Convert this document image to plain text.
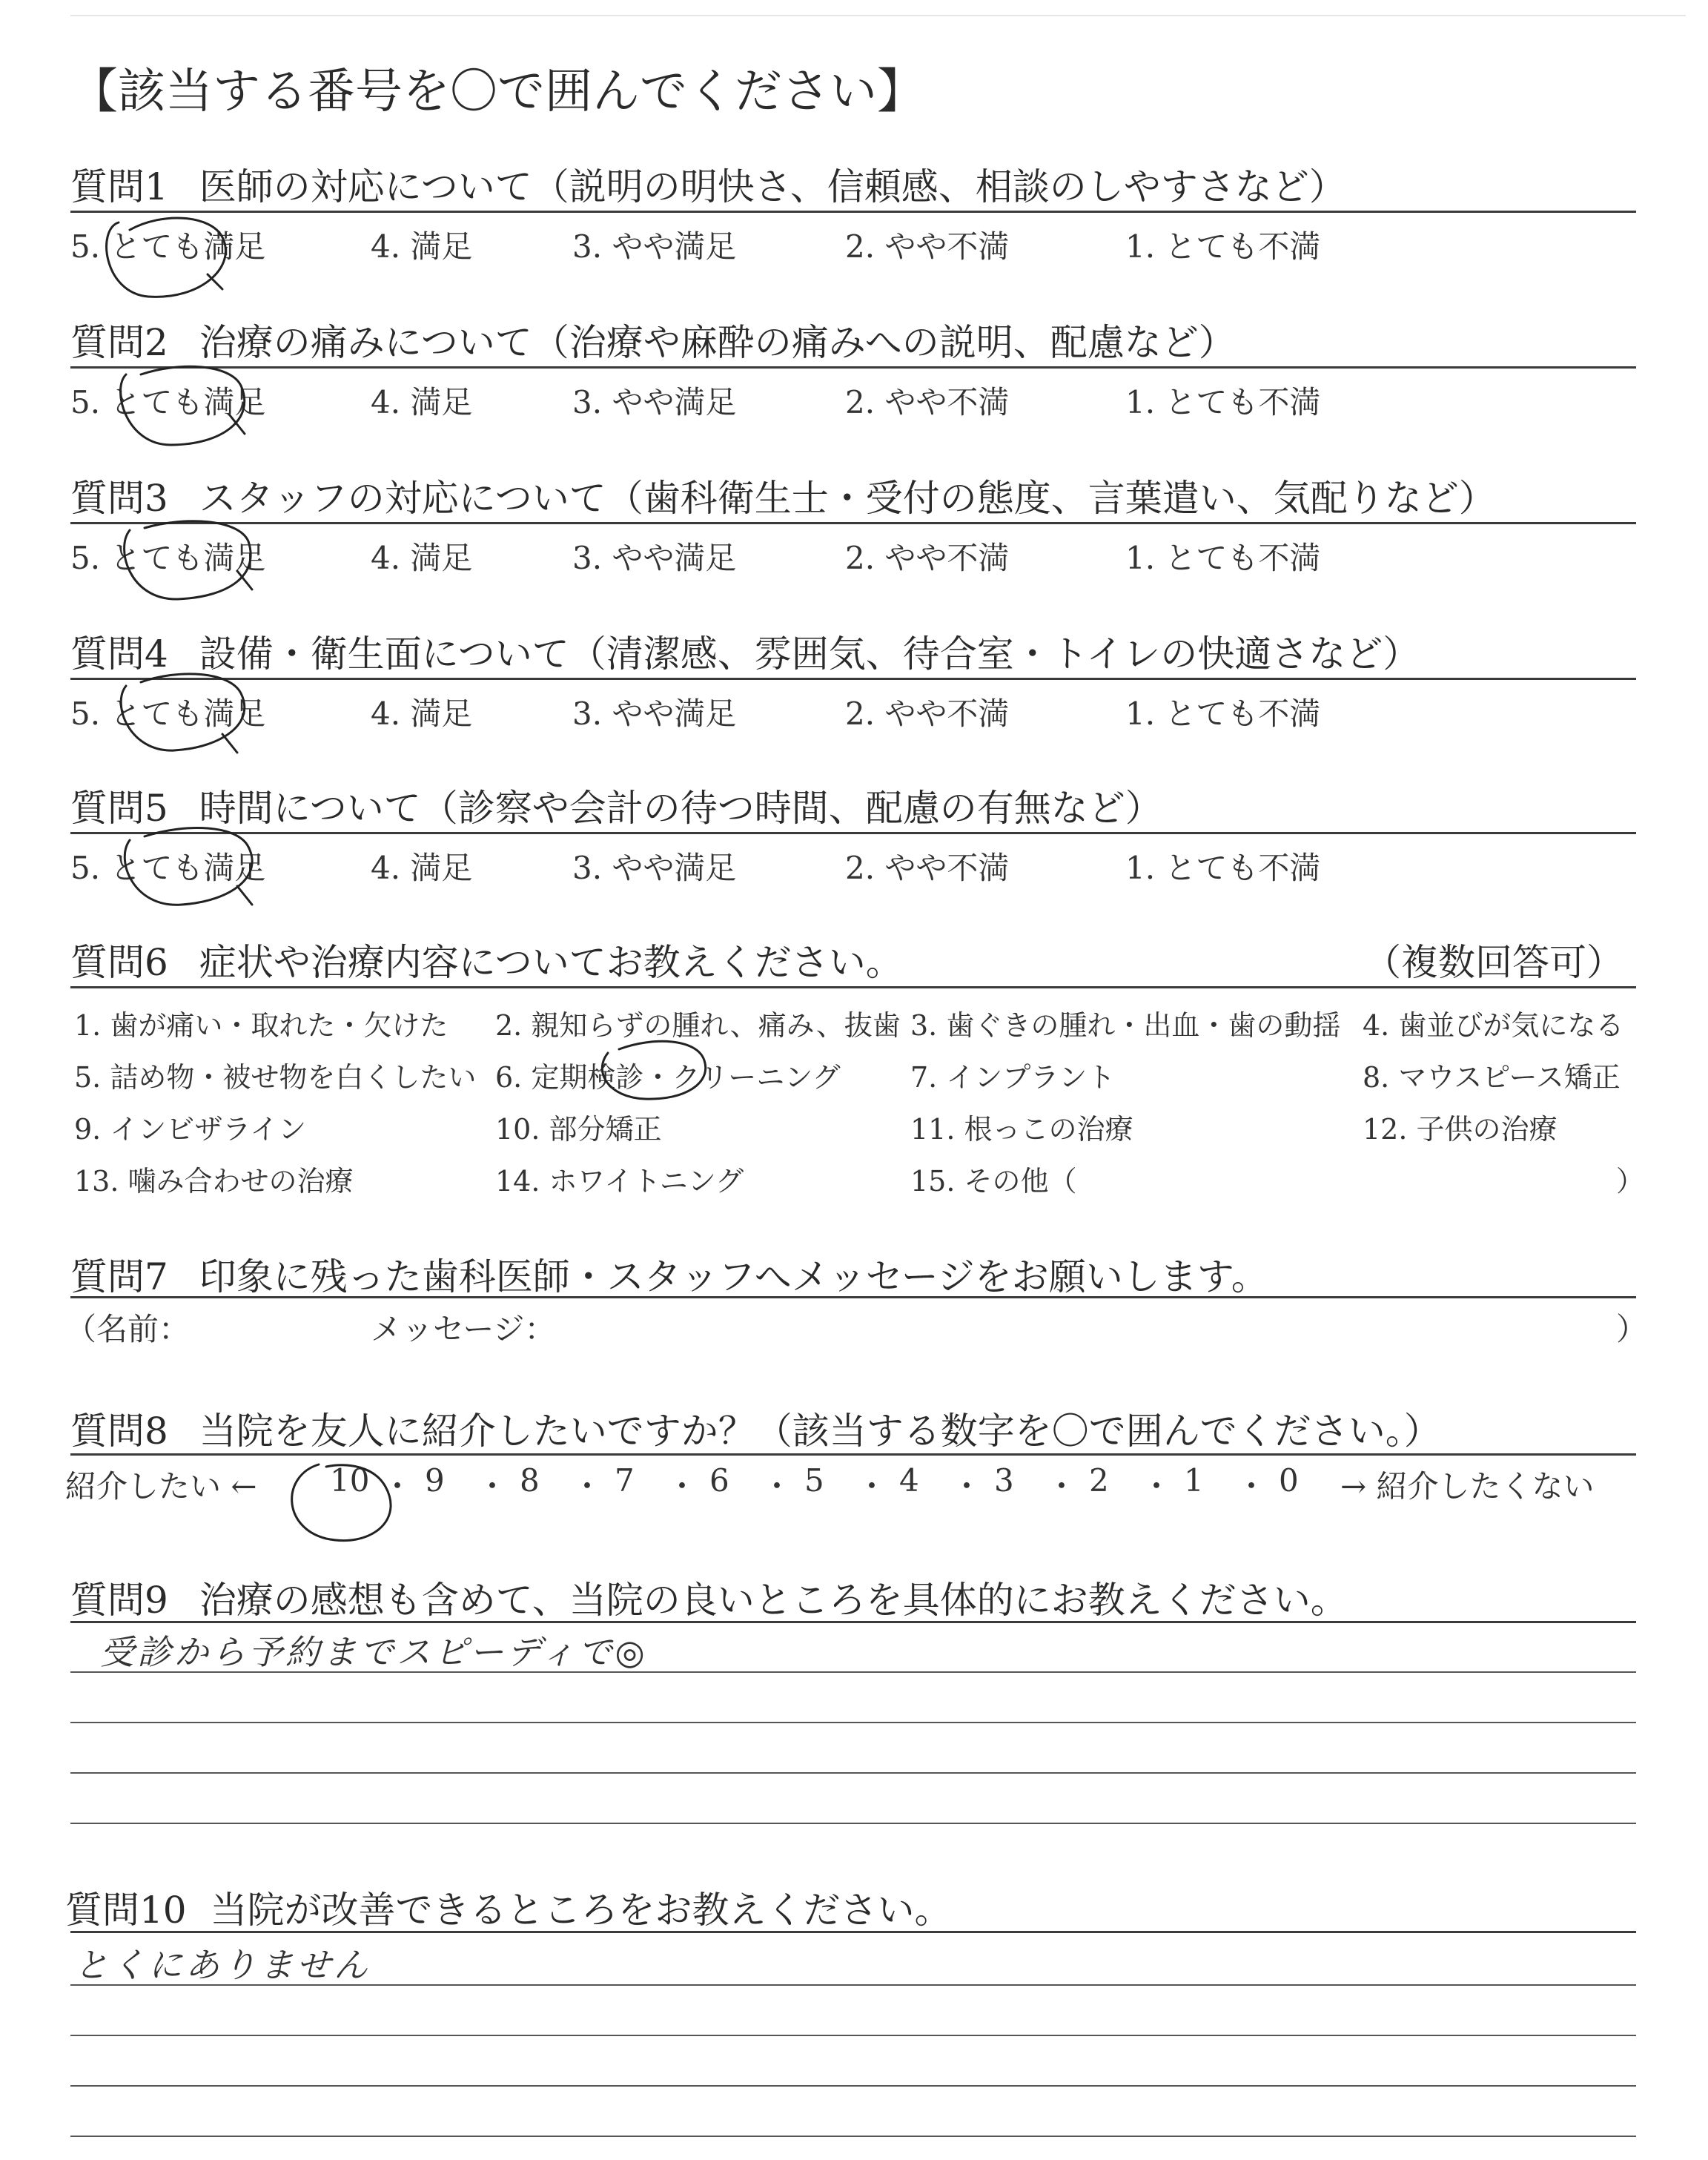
【該当する番号を〇で囲んでください】
質問1 医師の対応について（説明の明快さ、信頼感、相談のしやすさなど）
5. とても満足	4. 満足	3. やや満足	2. やや不満	1. とても不満
質問2 治療の痛みについて（治療や麻酔の痛みへの説明、配慮など）
5. とても満足	4. 満足	3. やや満足	2. やや不満	1. とても不満
質問3 スタッフの対応について（歯科衛生士・受付の態度、言葉遣い、気配りなど）
5. とても満足	4. 満足	3. やや満足	2. やや不満	1. とても不満
質問4 設備・衛生面について（清潔感、雰囲気、待合室・トイレの快適さなど）
5. とても満足	4. 満足	3. やや満足	2. やや不満	1. とても不満
質問5 時間について（診察や会計の待つ時間、配慮の有無など）
5. とても満足	4. 満足	3. やや満足	2. やや不満	1. とても不満
質問6 症状や治療内容についてお教えください。	（複数回答可）
1. 歯が痛い・取れた・欠けた 2. 親知らずの腫れ、痛み、抜歯 3. 歯ぐきの腫れ・出血・歯の動揺 4. 歯並びが気になる
5. 詰め物・被せ物を白くしたい 6. 定期検診・クリーニング 7. インプラント	8. マウスピース矯正
9. インビザライン	10. 部分矯正	11. 根っこの治療	12. 子供の治療
13. 噛み合わせの治療	14. ホワイトニング	15. その他（	）
質問7 印象に残った歯科医師・スタッフへメッセージをお願いします。
（名前：	メッセージ：	）
質問8 当院を友人に紹介したいですか？（該当する数字を〇で囲んでください。）
紹介したい ←	→ 紹介したくない
10 ・ 9 ・ 8 ・ 7 ・ 6 ・ 5 ・ 4 ・ 3 ・ 2 ・ 1 ・ 0
質問9 治療の感想も含めて、当院の良いところを具体的にお教えください。
受診から予約までスピーディで◎
質問10 当院が改善できるところをお教えください。
とくにありません
